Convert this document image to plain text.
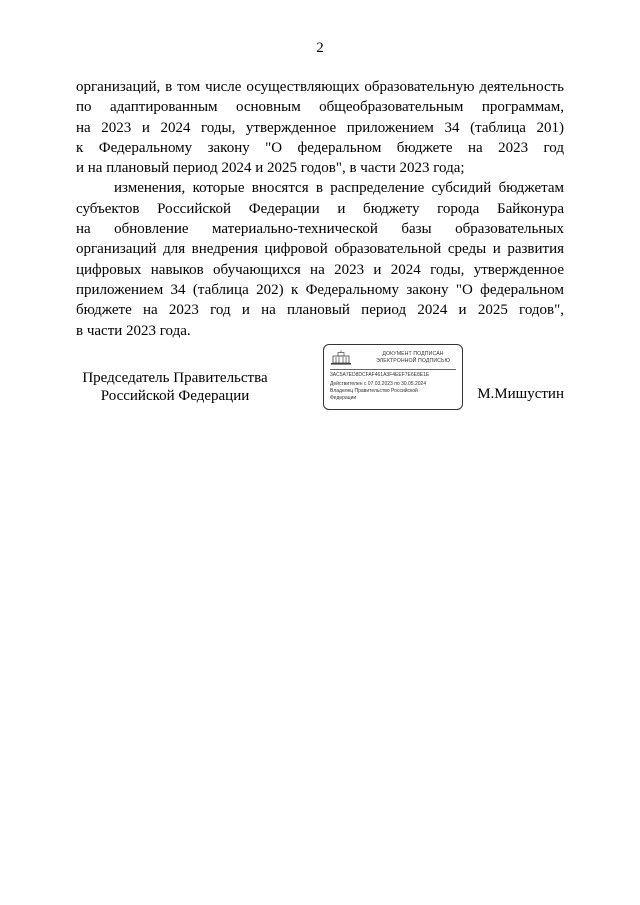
2

организаций, в том числе осуществляющих образовательную деятельность
по адаптированным основным общеобразовательным программам,
на 2023 и 2024 годы, утвержденное приложением 34 (таблица 201)
к Федеральному закону "О федеральном бюджете на 2023 год
и на плановый период 2024 и 2025 годов", в части 2023 года;

изменения, которые вносятся в распределение субсидий бюджетам
субъектов Российской Федерации и бюджету города Байконура
на обновление материально-технической базы образовательных
организаций для внедрения цифровой образовательной среды и развития
цифровых навыков обучающихся на 2023 и 2024 годы, утвержденное
приложением 34 (таблица 202) к Федеральному закону "О федеральном
бюджете на 2023 год и на плановый период 2024 и 2025 годов",
в части 2023 года.

Председатель Правительства
Российской Федерации
ДОКУМЕНТ ПОДПИСАН
ЭЛЕКТРОННОЙ ПОДПИСЬЮ
3AC5A7ED8DCFAF461A3F4EEF7E6E8E1E
Действителен с 07.03.2023 по 30.05.2024
Владелец Правительство Российской
Федерации	М.Мишустин
